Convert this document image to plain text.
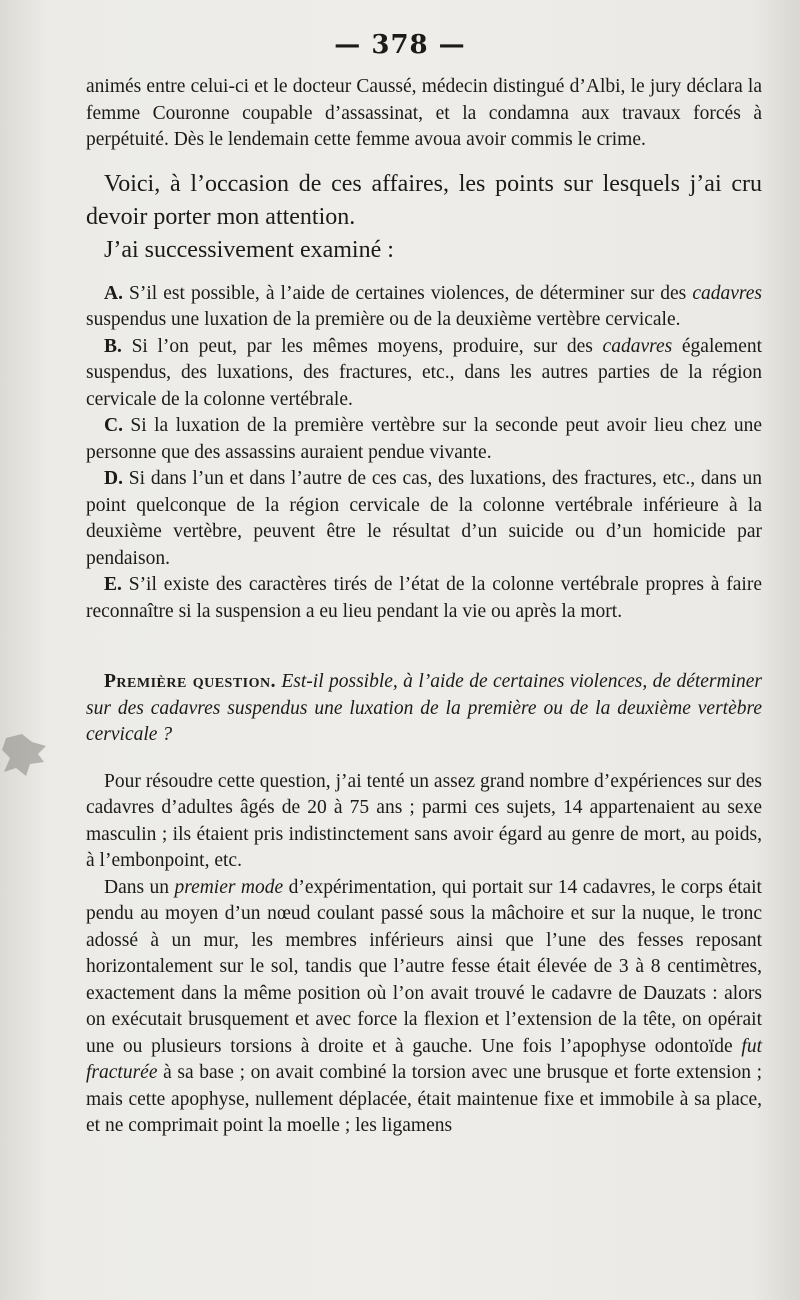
— 378 —

animés entre celui-ci et le docteur Caussé, médecin distingué d’Albi, le jury déclara la femme Couronne coupable d’assassinat, et la condamna aux travaux forcés à perpétuité. Dès le lendemain cette femme avoua avoir commis le crime.

Voici, à l’occasion de ces affaires, les points sur lesquels j’ai cru devoir porter mon attention.

J’ai successivement examiné :

A. S’il est possible, à l’aide de certaines violences, de déterminer sur des cadavres suspendus une luxation de la première ou de la deuxième vertèbre cervicale.

B. Si l’on peut, par les mêmes moyens, produire, sur des cadavres également suspendus, des luxations, des fractures, etc., dans les autres parties de la région cervicale de la colonne vertébrale.

C. Si la luxation de la première vertèbre sur la seconde peut avoir lieu chez une personne que des assassins auraient pendue vivante.

D. Si dans l’un et dans l’autre de ces cas, des luxations, des fractures, etc., dans un point quelconque de la région cervicale de la colonne vertébrale inférieure à la deuxième vertèbre, peuvent être le résultat d’un suicide ou d’un homicide par pendaison.

E. S’il existe des caractères tirés de l’état de la colonne vertébrale propres à faire reconnaître si la suspension a eu lieu pendant la vie ou après la mort.

Première question. Est-il possible, à l’aide de certaines violences, de déterminer sur des cadavres suspendus une luxation de la première ou de la deuxième vertèbre cervicale ?

Pour résoudre cette question, j’ai tenté un assez grand nombre d’expériences sur des cadavres d’adultes âgés de 20 à 75 ans ; parmi ces sujets, 14 appartenaient au sexe masculin ; ils étaient pris indistinctement sans avoir égard au genre de mort, au poids, à l’embonpoint, etc.

Dans un premier mode d’expérimentation, qui portait sur 14 cadavres, le corps était pendu au moyen d’un nœud coulant passé sous la mâchoire et sur la nuque, le tronc adossé à un mur, les membres inférieurs ainsi que l’une des fesses reposant horizontalement sur le sol, tandis que l’autre fesse était élevée de 3 à 8 centimètres, exactement dans la même position où l’on avait trouvé le cadavre de Dauzats : alors on exécutait brusquement et avec force la flexion et l’extension de la tête, on opérait une ou plusieurs torsions à droite et à gauche. Une fois l’apophyse odontoïde fut fracturée à sa base ; on avait combiné la torsion avec une brusque et forte extension ; mais cette apophyse, nullement déplacée, était maintenue fixe et immobile à sa place, et ne comprimait point la moelle ; les ligamens
